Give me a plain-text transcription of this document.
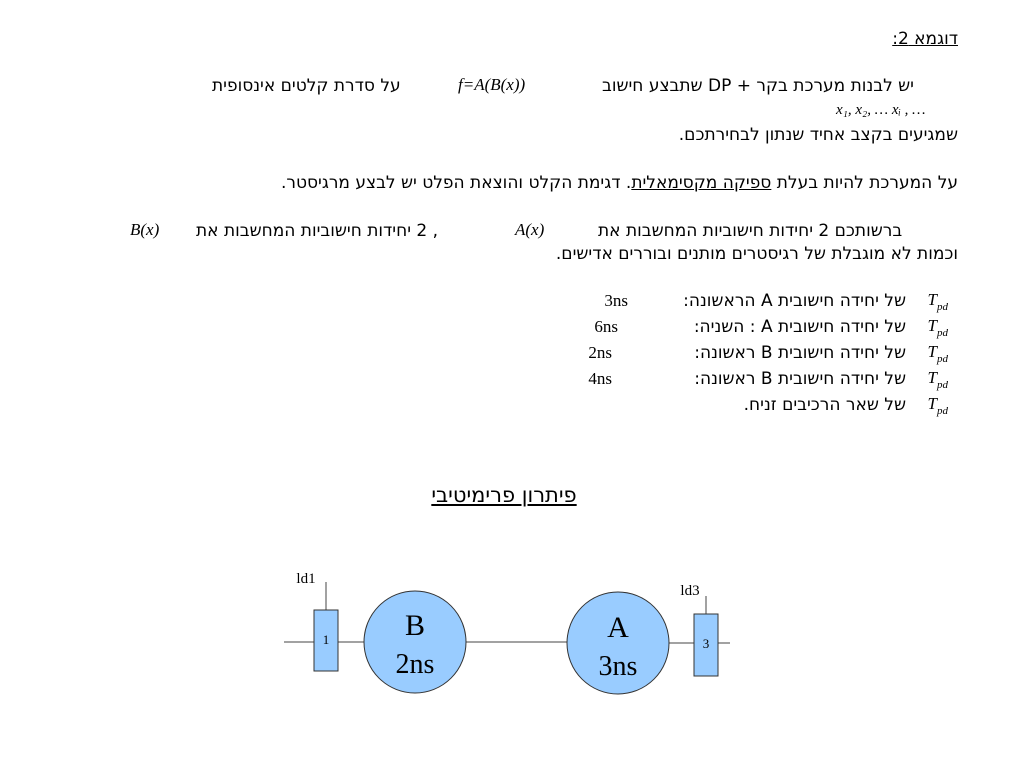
דוגמא 2:
יש לבנות מערכת בקר + DP שתבצע חישוב
f=A(B(x))
על סדרת קלטים אינסופית
x₁, x₂, … xᵢ , …
שמגיעים בקצב אחיד שנתון לבחירתכם.
על המערכת להיות בעלת ספיקה מקסימאלית. דגימת הקלט והוצאת הפלט יש לבצע מרגיסטר.
ברשותכם 2 יחידות חישוביות המחשבות את
A(x)
, 2 יחידות חישוביות המחשבות את
B(x)
וכמות לא מוגבלת של רגיסטרים מותנים ובוררים אדישים.
$T_{pd}$
של יחידה חישובית A הראשונה:
3ns
$T_{pd}$
של יחידה חישובית A : השניה:
6ns
$T_{pd}$
של יחידה חישובית B ראשונה:
2ns
$T_{pd}$
של יחידה חישובית B ראשונה:
4ns
$T_{pd}$
של שאר הרכיבים זניח.
פיתרון פרימיטיבי
1
ld1
B
2ns
A
3ns
3
ld3
